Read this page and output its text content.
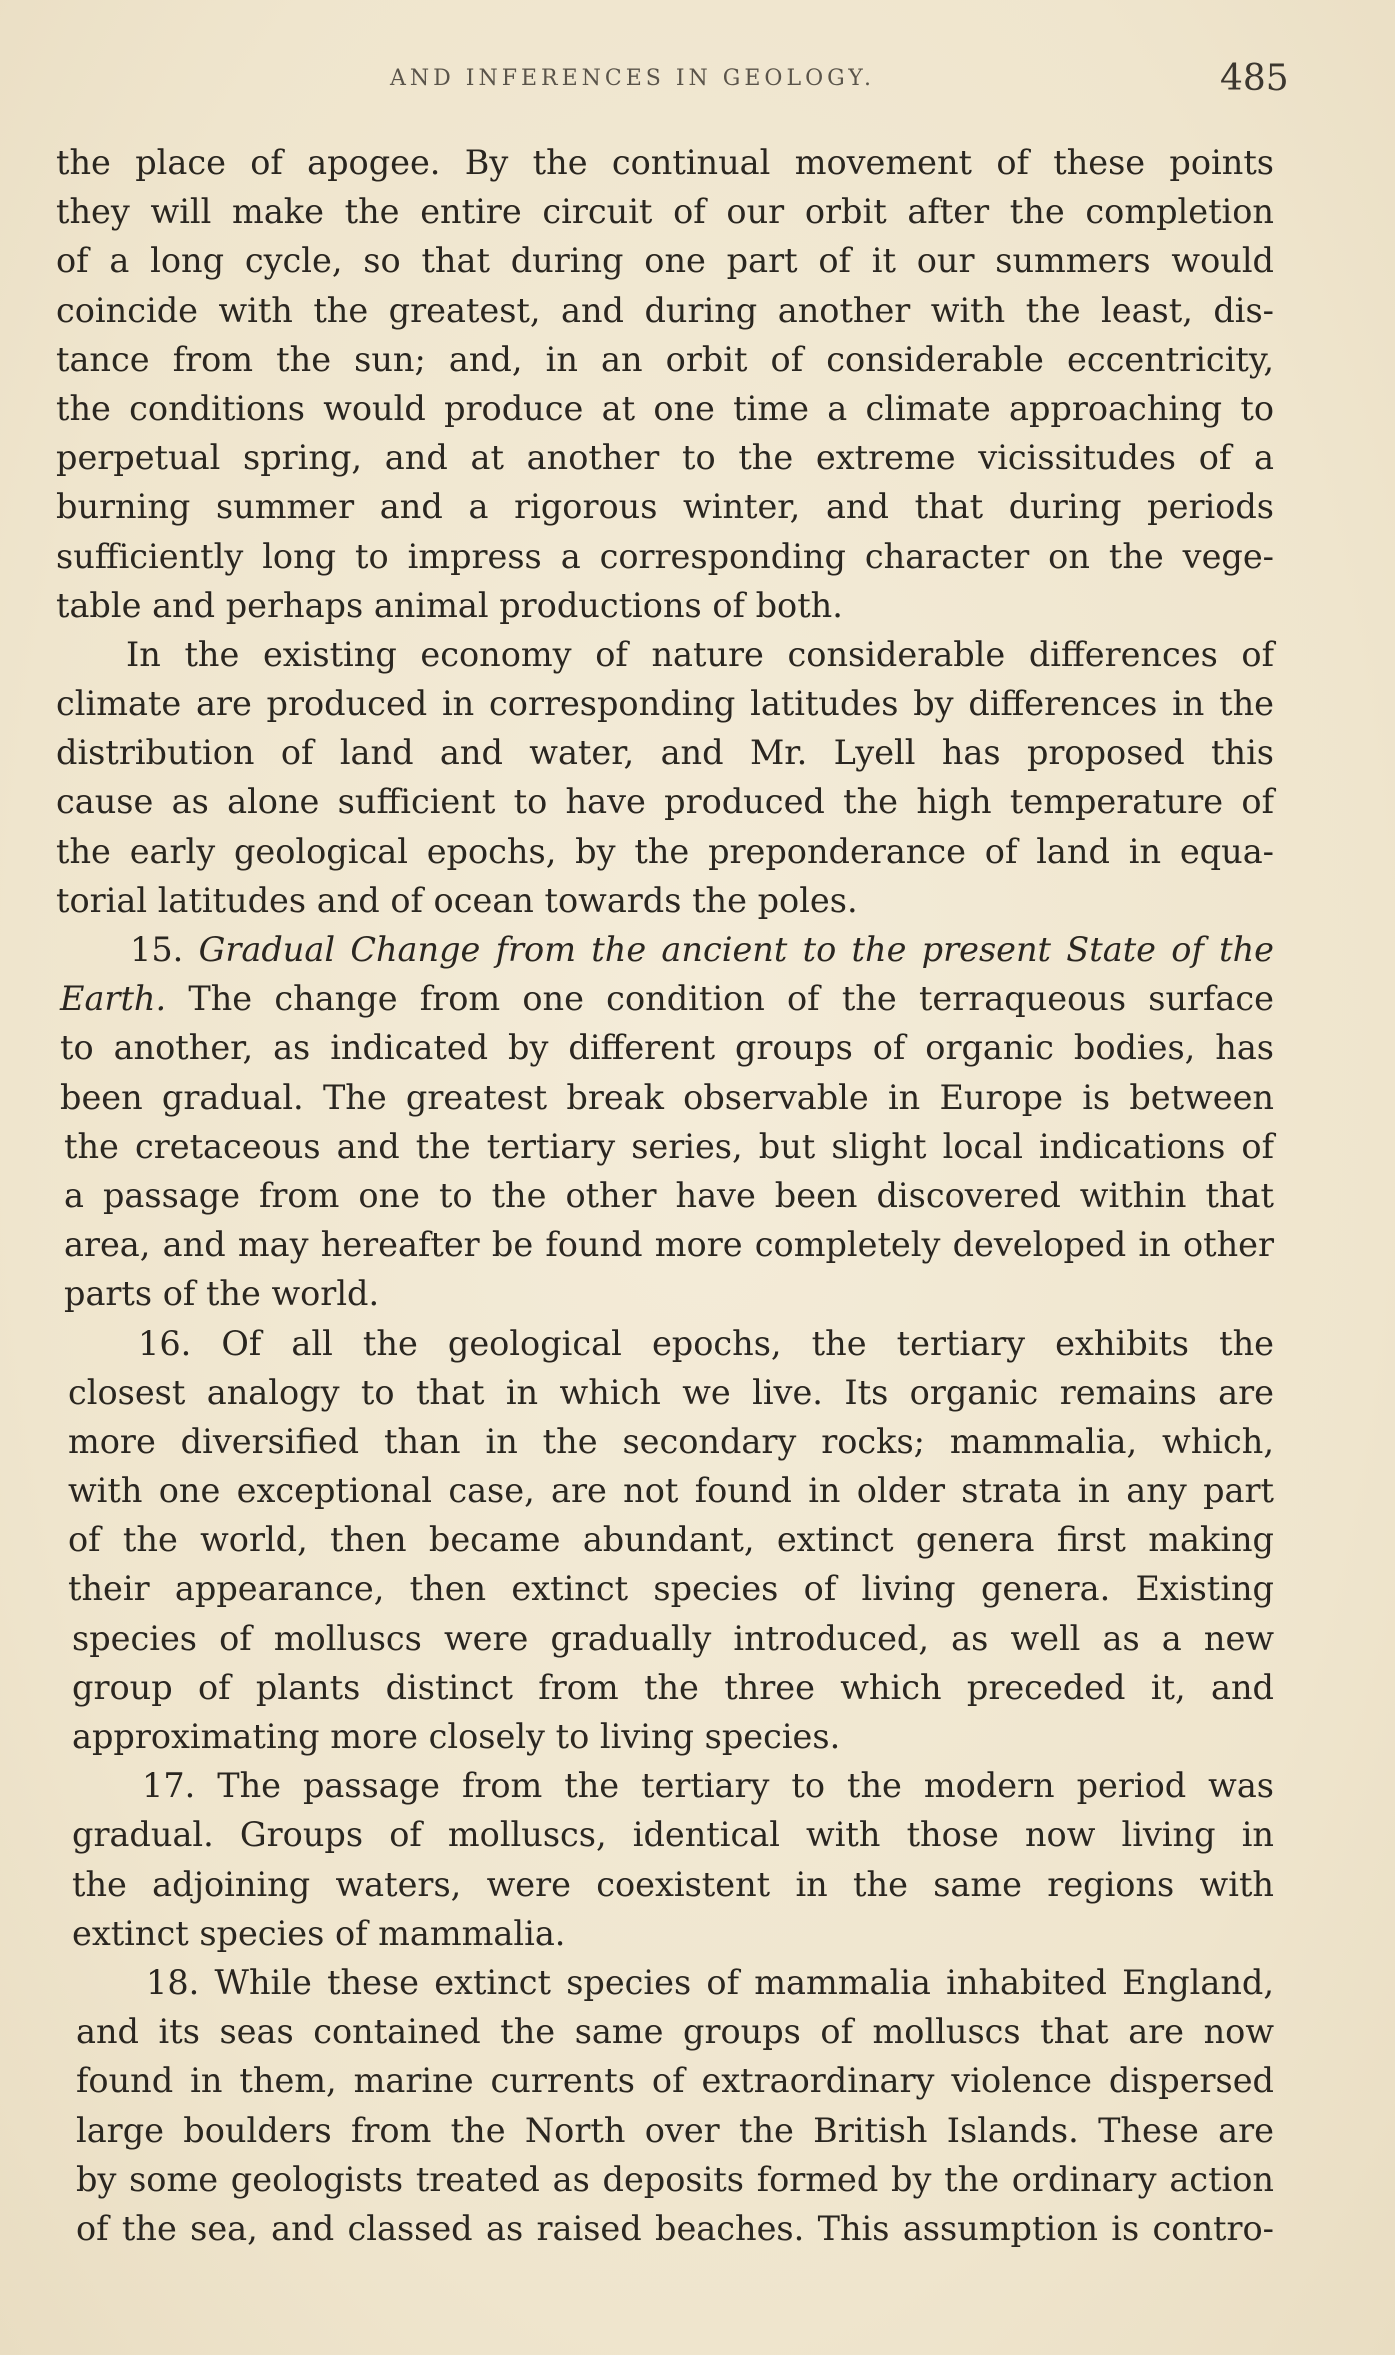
AND INFERENCES IN GEOLOGY.	485
the place of apogee. By the continual movement of these points
they will make the entire circuit of our orbit after the completion
of a long cycle, so that during one part of it our summers would
coincide with the greatest, and during another with the least, dis-
tance from the sun; and, in an orbit of considerable eccentricity,
the conditions would produce at one time a climate approaching to
perpetual spring, and at another to the extreme vicissitudes of a
burning summer and a rigorous winter, and that during periods
sufficiently long to impress a corresponding character on the vege-
table and perhaps animal productions of both.
In the existing economy of nature considerable differences of
climate are produced in corresponding latitudes by differences in the
distribution of land and water, and Mr. Lyell has proposed this
cause as alone sufficient to have produced the high temperature of
the early geological epochs, by the preponderance of land in equa-
torial latitudes and of ocean towards the poles.
15. Gradual Change from the ancient to the present State of the
Earth. The change from one condition of the terraqueous surface
to another, as indicated by different groups of organic bodies, has
been gradual. The greatest break observable in Europe is between
the cretaceous and the tertiary series, but slight local indications of
a passage from one to the other have been discovered within that
area, and may hereafter be found more completely developed in other
parts of the world.
16. Of all the geological epochs, the tertiary exhibits the
closest analogy to that in which we live. Its organic remains are
more diversified than in the secondary rocks; mammalia, which,
with one exceptional case, are not found in older strata in any part
of the world, then became abundant, extinct genera first making
their appearance, then extinct species of living genera. Existing
species of molluscs were gradually introduced, as well as a new
group of plants distinct from the three which preceded it, and
approximating more closely to living species.
17. The passage from the tertiary to the modern period was
gradual. Groups of molluscs, identical with those now living in
the adjoining waters, were coexistent in the same regions with
extinct species of mammalia.
18. While these extinct species of mammalia inhabited England,
and its seas contained the same groups of molluscs that are now
found in them, marine currents of extraordinary violence dispersed
large boulders from the North over the British Islands. These are
by some geologists treated as deposits formed by the ordinary action
of the sea, and classed as raised beaches. This assumption is contro-
